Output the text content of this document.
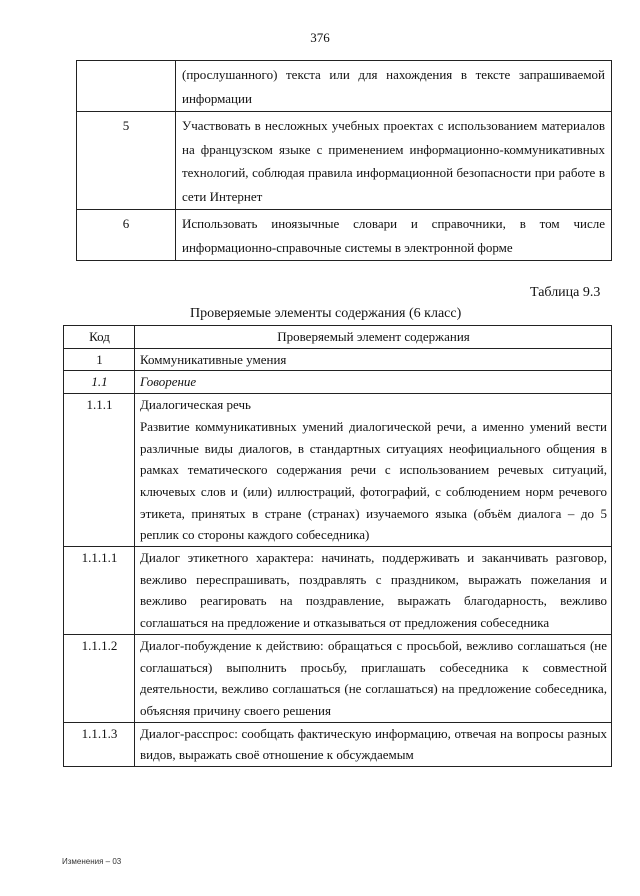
376
	(прослушанного) текста или для нахождения в тексте запрашиваемой информации
5	Участвовать в несложных учебных проектах с использованием материалов на французском языке с применением информационно-коммуникативных технологий, соблюдая правила информационной безопасности при работе в сети Интернет
6	Использовать иноязычные словари и справочники, в том числе информационно-справочные системы в электронной форме
Таблица 9.3
Проверяемые элементы содержания (6 класс)
Код	Проверяемый элемент содержания
1	Коммуникативные умения
1.1	Говорение
1.1.1	Диалогическая речь
Развитие коммуникативных умений диалогической речи, а именно умений вести различные виды диалогов, в стандартных ситуациях неофициального общения в рамках тематического содержания речи с использованием речевых ситуаций, ключевых слов и (или) иллюстраций, фотографий, с соблюдением норм речевого этикета, принятых в стране (странах) изучаемого языка (объём диалога – до 5 реплик со стороны каждого собеседника)

1.1.1.1	Диалог этикетного характера: начинать, поддерживать и заканчивать разговор, вежливо переспрашивать, поздравлять с праздником, выражать пожелания и вежливо реагировать на поздравление, выражать благодарность, вежливо соглашаться на предложение и отказываться от предложения собеседника
1.1.1.2	Диалог-побуждение к действию: обращаться с просьбой, вежливо соглашаться (не соглашаться) выполнить просьбу, приглашать собеседника к совместной деятельности, вежливо соглашаться (не соглашаться) на предложение собеседника, объясняя причину своего решения
1.1.1.3	Диалог-расспрос: сообщать фактическую информацию, отвечая на вопросы разных видов, выражать своё отношение к обсуждаемым
Изменения – 03
